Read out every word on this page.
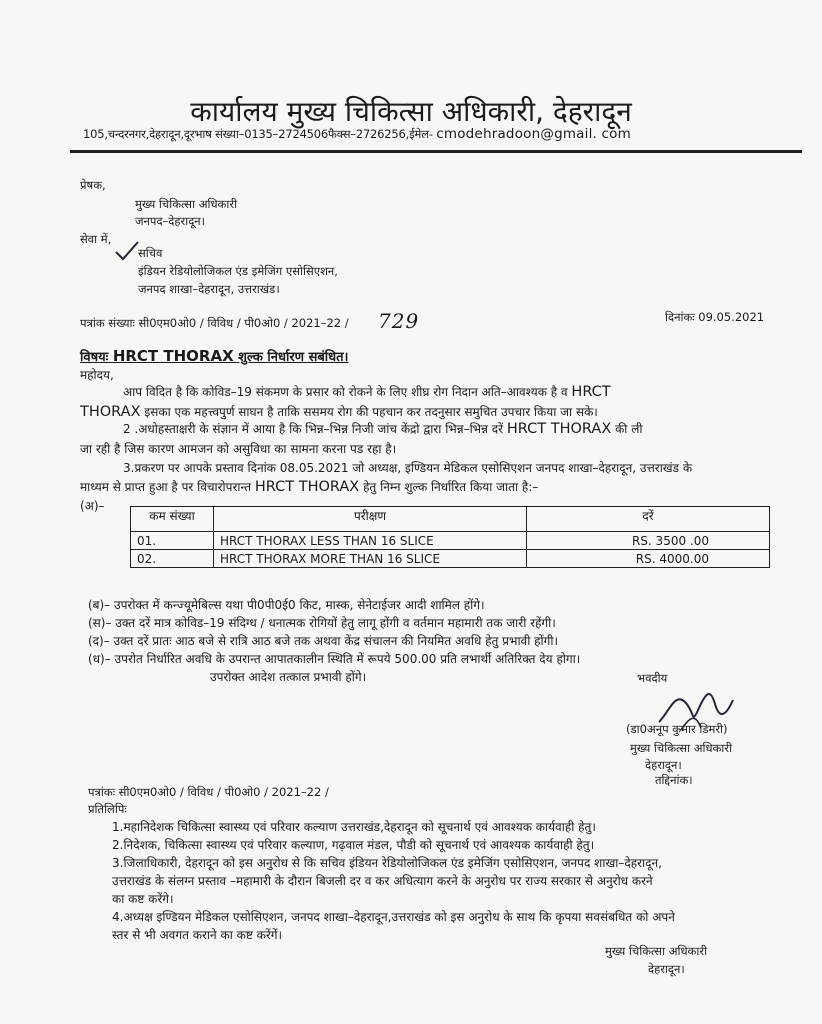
कार्यालय मुख्य चिकित्सा अधिकारी, देहरादून
105,चन्दरनगर,देहरादून,दूरभाष संख्या–0135–2724506फैक्स–2726256,ईमेल- cmodehradoon@gmail. com
प्रेषक,
मुख्य चिकित्सा अधिकारी
जनपद–देहरादून।
सेवा में,
सचिव
इंडियन रेडियोलोजिकल एंड इमेजिंग एसोसिएशन,
जनपद शाखा–देहरादून, उत्तराखंड।
पत्रांक संख्याः सी0एम0ओ0 / विविध / पी0ओ0 / 2021–22 / 729	दिनांकः 09.05.2021
विषयः HRCT THORAX शुल्क निर्धारण सबंधित।
महोदय,
आप विदित है कि कोविड–19 संकमण के प्रसार को रोकने के लिए शीघ्र रोग निदान अति–आवश्यक है व HRCT
THORAX इसका एक महत्त्वपुर्ण साघन है ताकि ससमय रोग की पहचान कर तदनुसार समुचित उपचार किया जा सके।
2 .अधोहस्ताक्षरी के संज्ञान में आया है कि भिन्न–भिन्न निजी जांच केंद्रो द्वारा भिन्न–भिन्न दरें HRCT THORAX की ली
जा रही है जिस कारण आमजन को असुविधा का सामना करना पड रहा है।
3.प्रकरण पर आपके प्रस्ताव दिनांक 08.05.2021 जो अध्यक्ष, इण्डियन मेडिकल एसोसिएशन जनपद शाखा–देहरादून, उत्तराखंड के
माध्यम से प्राप्त हुआ है पर विचारोपरान्त HRCT THORAX हेतु निम्न शुल्क निर्धारित किया जाता है:–
(अ)–
कम संख्या	परीक्षण	दरें
01.	HRCT THORAX LESS THAN 16 SLICE	RS. 3500 .00
02.	HRCT THORAX MORE THAN 16 SLICE	RS. 4000.00
(ब)– उपरोक्त में कन्ज्यूमेबिल्स यथा पी0पी0ई0 किट, मास्क, सेनेटाईजर आदी शामिल होंगे।
(स)– उक्त दरें मात्र कोविड–19 संदिग्ध / धनात्मक रोगियों हेतु लागू होंगी व वर्तमान महामारी तक जारी रहेंगी।
(द)– उक्त दरें प्रातः आठ बजे से रात्रि आठ बजे तक अथवा केंद्र संचालन की नियमित अवधि हेतु प्रभावी होंगी।
(ध)– उपरोत निर्धारित अवधि के उपरान्त आपातकालीन स्थिति में रूपये 500.00 प्रति लभार्थी अतिरिक्त देय होगा।
उपरोक्त आदेश तत्काल प्रभावी होंगे।	भवदीय
(डा0अनूप कुमार डिमरी)
मुख्य चिकित्सा अधिकारी
देहरादून।
तद्दिनांक।
पत्रांकः सी0एम0ओ0 / विविध / पी0ओ0 / 2021–22 /
प्रतिलिपिः
1.महानिदेशक चिकित्सा स्वास्थ्य एवं परिवार कल्याण उत्तराखंड,देहरादून को सूचनार्थ एवं आवश्यक कार्यवाही हेतु।
2.निदेशक, चिकित्सा स्वास्थ्य एवं परिवार कल्याण, गढ़वाल मंडल, पौडी को सूचनार्थ एवं आवश्यक कार्यवाही हेतु।
3.जिलाधिकारी, देहरादून को इस अनुरोध से कि सचिव इंडियन रेडियोलोजिकल एंड इमेजिंग एसोसिएशन, जनपद शाखा–देहरादून,
उत्तराखंड के संलग्न प्रस्ताव –महामारी के दौरान बिजली दर व कर अधित्याग करने के अनुरोध पर राज्य सरकार से अनुरोध करने
का कष्ट करेंगे।
4.अध्यक्ष इण्डियन मेडिकल एसोसिएशन, जनपद शाखा–देहरादून,उत्तराखंड को इस अनुरोध के साथ कि कृपया सवसंबधित को अपने
स्तर से भी अवगत कराने का कष्ट करेंगें।
मुख्य चिकित्सा अधिकारी
देहरादून।
